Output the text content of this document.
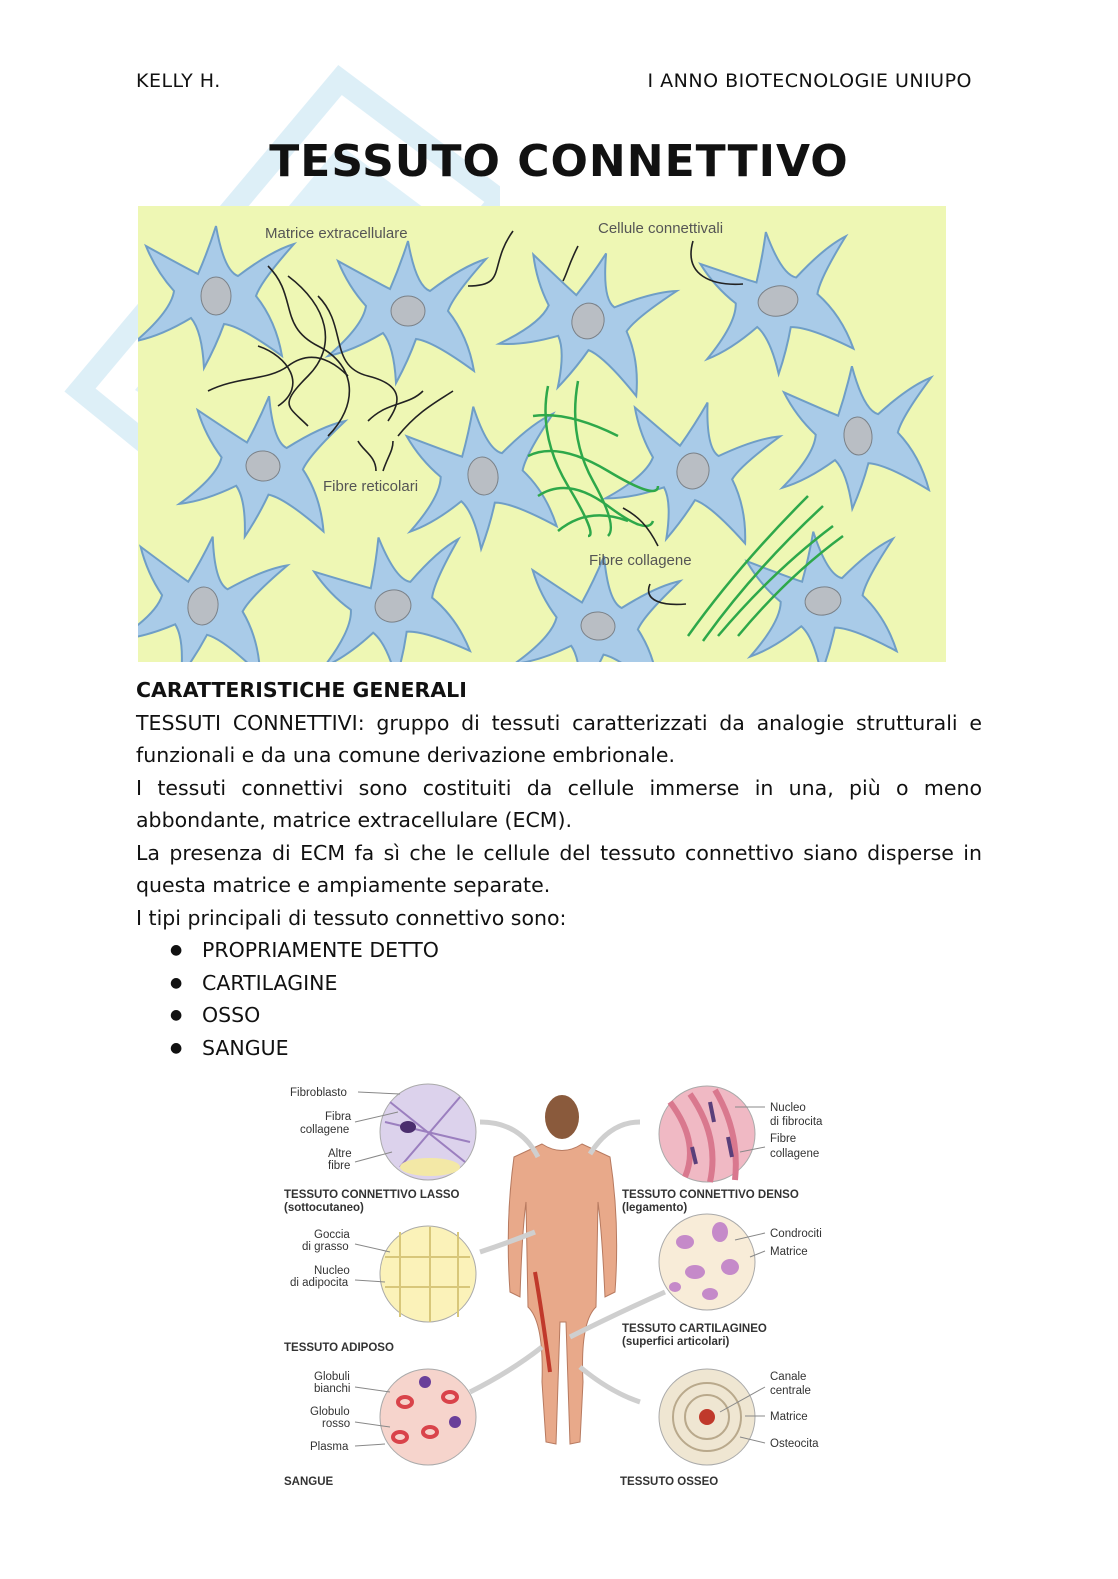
KELLY H.	I ANNO BIOTECNOLOGIE UNIUPO
TESSUTO CONNETTIVO
Matrice extracellulare	Cellule connettivali
Fibre reticolari
Fibre collagene
CARATTERISTICHE GENERALI

TESSUTI CONNETTIVI: gruppo di tessuti caratterizzati da analogie strutturali e funzionali e da una comune derivazione embrionale.

I tessuti connettivi sono costituiti da cellule immerse in una, più o meno abbondante, matrice extracellulare (ECM).

La presenza di ECM fa sì che le cellule del tessuto connettivo siano disperse in questa matrice e ampiamente separate.

I tipi principali di tessuto connettivo sono:

● PROPRIAMENTE DETTO
● CARTILAGINE
● OSSO
● SANGUE
Fibroblasto
Fibra
collagene
Altre
fibre
TESSUTO CONNETTIVO LASSO
(sottocutaneo)
Nucleo
di fibrocita
Fibre
collagene
TESSUTO CONNETTIVO DENSO
(legamento)
Goccia
di grasso
Nucleo
di adipocita
TESSUTO ADIPOSO
Condrociti
Matrice
TESSUTO CARTILAGINEO
(superfici articolari)
Globuli
bianchi
Globulo
rosso
Plasma
SANGUE
Canale
centrale
Matrice
Osteocita
TESSUTO OSSEO
